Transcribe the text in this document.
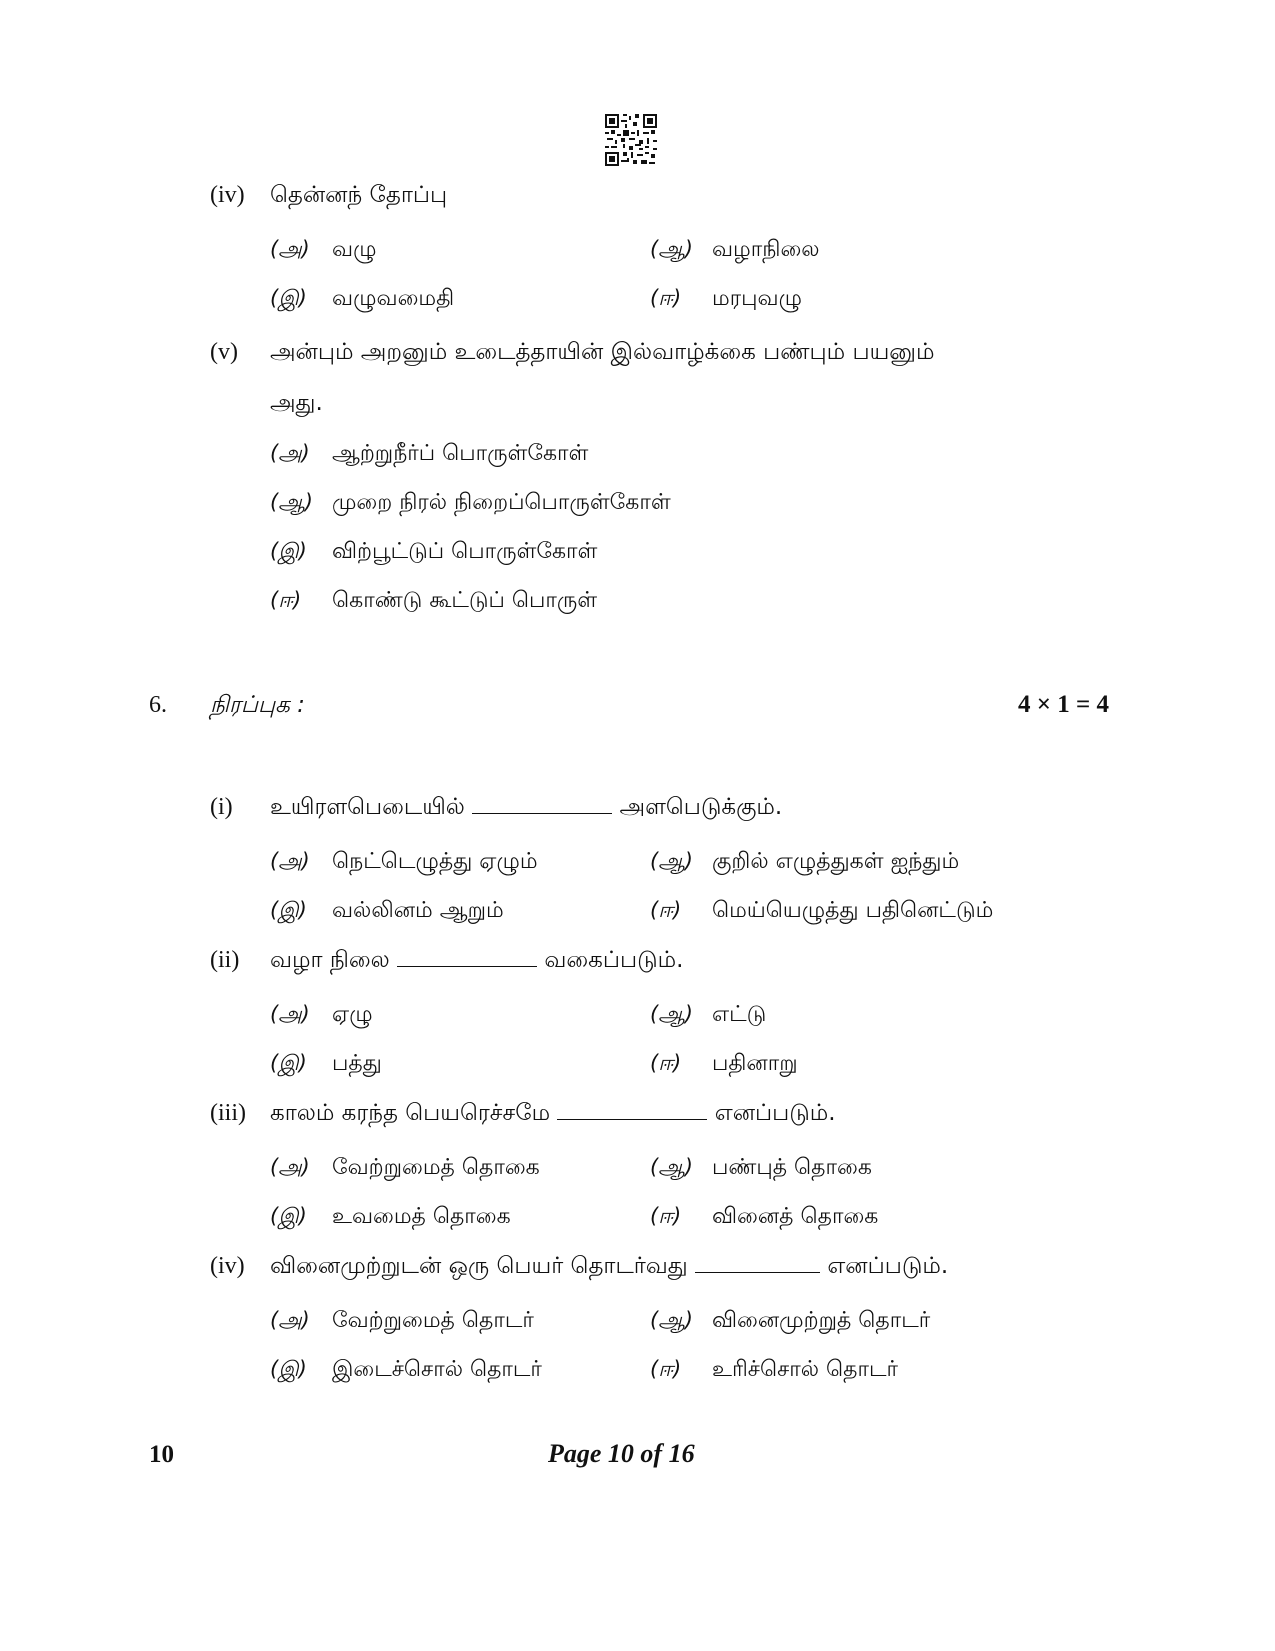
(iv) தென்னந் தோப்பு
(அ) வழு	(ஆ) வழாநிலை
(இ) வழுவமைதி	(ஈ) மரபுவழு
(v) அன்பும் அறனும் உடைத்தாயின் இல்வாழ்க்கை பண்பும் பயனும்
அது.
(அ) ஆற்றுநீர்ப் பொருள்கோள்
(ஆ) முறை நிரல் நிறைப்பொருள்கோள்
(இ) விற்பூட்டுப் பொருள்கோள்
(ஈ) கொண்டு கூட்டுப் பொருள்
6. நிரப்புக :	4 × 1 = 4
(i) உயிரளபெடையில்	அளபெடுக்கும்.
(அ) நெட்டெழுத்து ஏழும்	(ஆ) குறில் எழுத்துகள் ஐந்தும்
(இ) வல்லினம் ஆறும்	(ஈ) மெய்யெழுத்து பதினெட்டும்
(ii) வழா நிலை	வகைப்படும்.
(அ) ஏழு	(ஆ) எட்டு
(இ) பத்து	(ஈ) பதினாறு
(iii) காலம் கரந்த பெயரெச்சமே	எனப்படும்.
(அ) வேற்றுமைத் தொகை	(ஆ) பண்புத் தொகை
(இ) உவமைத் தொகை	(ஈ) வினைத் தொகை
(iv) வினைமுற்றுடன் ஒரு பெயர் தொடர்வது	எனப்படும்.
(அ) வேற்றுமைத் தொடர்	(ஆ) வினைமுற்றுத் தொடர்
(இ) இடைச்சொல் தொடர்	(ஈ) உரிச்சொல் தொடர்
10	Page 10 of 16
